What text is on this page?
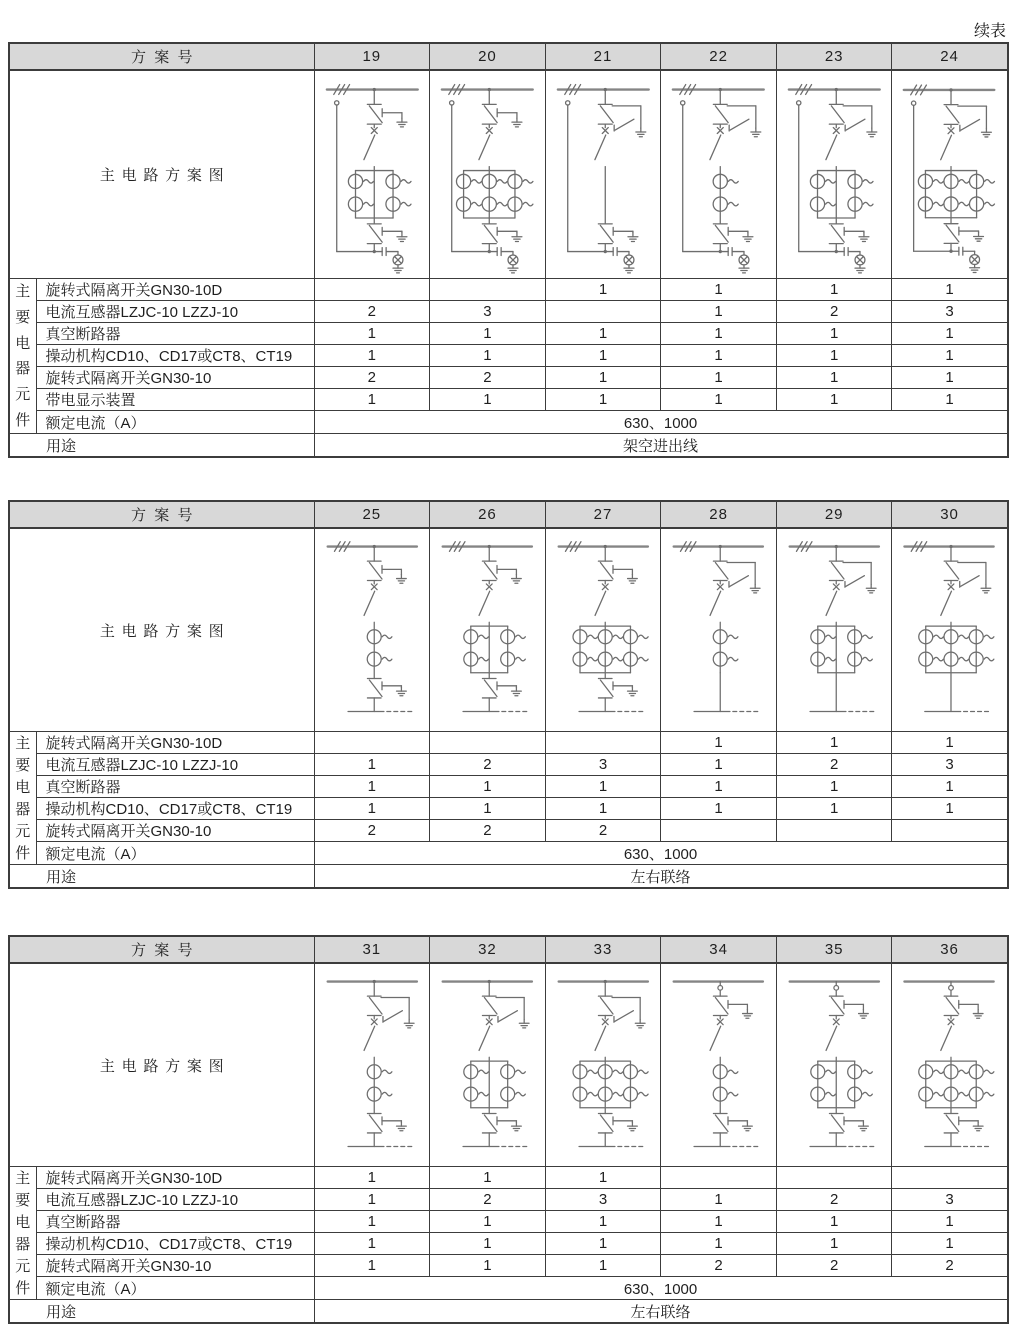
续表
方案号		19	20	21	22	23	24
主电路方案图	

主
要
电
器
元
件
	旋转式隔离开关GN30-10D			1	1	1	1
	电流互感器LZJC-10 LZZJ-10	2	3		1	2	3
	真空断路器	1	1	1	1	1	1
	操动机构CD10、CD17或CT8、CT19	1	1	1	1	1	1
	旋转式隔离开关GN30-10	2	2	1	1	1	1
	带电显示装置	1	1	1	1	1	1
	额定电流（A）	630、1000					
用途		架空进出线					
方案号		25	26	27	28	29	30
主电路方案图	

主
要
电
器
元
件
	旋转式隔离开关GN30-10D				1	1	1
	电流互感器LZJC-10 LZZJ-10	1	2	3	1	2	3
	真空断路器	1	1	1	1	1	1
	操动机构CD10、CD17或CT8、CT19	1	1	1	1	1	1
	旋转式隔离开关GN30-10	2	2	2			
	额定电流（A）	630、1000					
用途		左右联络					
方案号		31	32	33	34	35	36
主电路方案图	

主
要
电
器
元
件
	旋转式隔离开关GN30-10D	1	1	1			
	电流互感器LZJC-10 LZZJ-10	1	2	3	1	2	3
	真空断路器	1	1	1	1	1	1
	操动机构CD10、CD17或CT8、CT19	1	1	1	1	1	1
	旋转式隔离开关GN30-10	1	1	1	2	2	2
	额定电流（A）	630、1000					
用途		左右联络					
